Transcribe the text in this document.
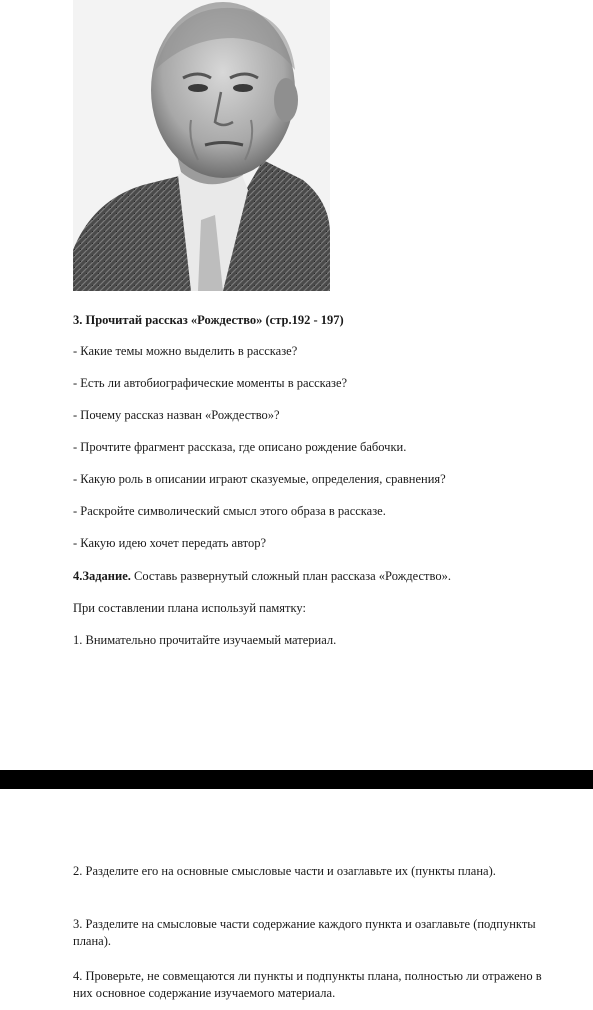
3. Прочитай рассказ «Рождество» (стр.192 - 197)
- Какие темы можно выделить в рассказе?
- Есть ли автобиографические моменты в рассказе?
- Почему рассказ назван «Рождество»?
- Прочтите фрагмент рассказа, где описано рождение бабочки.
- Какую роль в описании играют сказуемые, определения, сравнения?
- Раскройте символический смысл этого образа в рассказе.
- Какую идею хочет передать автор?
4.Задание. Составь развернутый сложный план рассказа «Рождество».
При составлении плана используй памятку:
1. Внимательно прочитайте изучаемый материал.
2. Разделите его на основные смысловые части и озаглавьте их (пункты плана).
3. Разделите на смысловые части содержание каждого пункта и озаглавьте (подпункты плана).
4. Проверьте, не совмещаются ли пункты и подпункты плана, полностью ли отражено в них основное содержание изучаемого материала.
